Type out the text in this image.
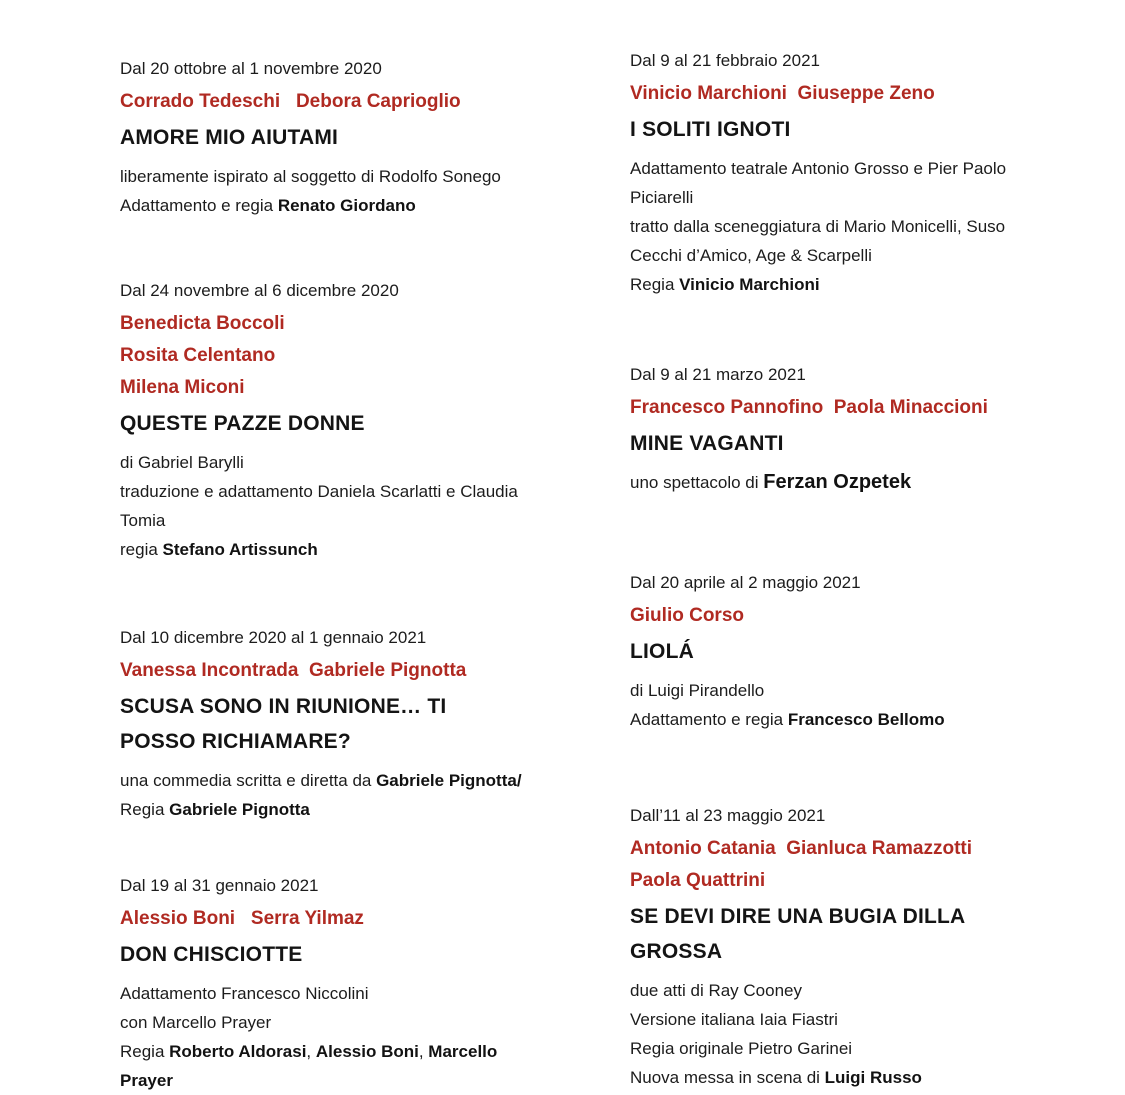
Dal 20 ottobre al 1 novembre 2020
Corrado Tedeschi   Debora Caprioglio
AMORE MIO AIUTAMI
liberamente ispirato al soggetto di Rodolfo Sonego
Adattamento e regia Renato Giordano
Dal 24 novembre al 6 dicembre 2020
Benedicta Boccoli
Rosita Celentano
Milena Miconi
QUESTE PAZZE DONNE
di Gabriel Barylli
traduzione e adattamento Daniela Scarlatti e Claudia
Tomia
regia Stefano Artissunch
Dal 10 dicembre 2020 al 1 gennaio 2021
Vanessa Incontrada  Gabriele Pignotta
SCUSA SONO IN RIUNIONE… TI
POSSO RICHIAMARE?
una commedia scritta e diretta da Gabriele Pignotta/
Regia Gabriele Pignotta
Dal 19 al 31 gennaio 2021
Alessio Boni   Serra Yilmaz
DON CHISCIOTTE
Adattamento Francesco Niccolini
con Marcello Prayer
Regia Roberto Aldorasi, Alessio Boni, Marcello
Prayer
Dal 9 al 21 febbraio 2021
Vinicio Marchioni  Giuseppe Zeno
I SOLITI IGNOTI
Adattamento teatrale Antonio Grosso e Pier Paolo
Piciarelli
tratto dalla sceneggiatura di Mario Monicelli, Suso
Cecchi d’Amico, Age & Scarpelli
Regia Vinicio Marchioni
Dal 9 al 21 marzo 2021
Francesco Pannofino  Paola Minaccioni
MINE VAGANTI
uno spettacolo di Ferzan Ozpetek
Dal 20 aprile al 2 maggio 2021
Giulio Corso
LIOLÁ
di Luigi Pirandello
Adattamento e regia Francesco Bellomo
Dall’11 al 23 maggio 2021
Antonio Catania  Gianluca Ramazzotti
Paola Quattrini
SE DEVI DIRE UNA BUGIA DILLA
GROSSA
due atti di Ray Cooney
Versione italiana Iaia Fiastri
Regia originale Pietro Garinei
Nuova messa in scena di Luigi Russo
